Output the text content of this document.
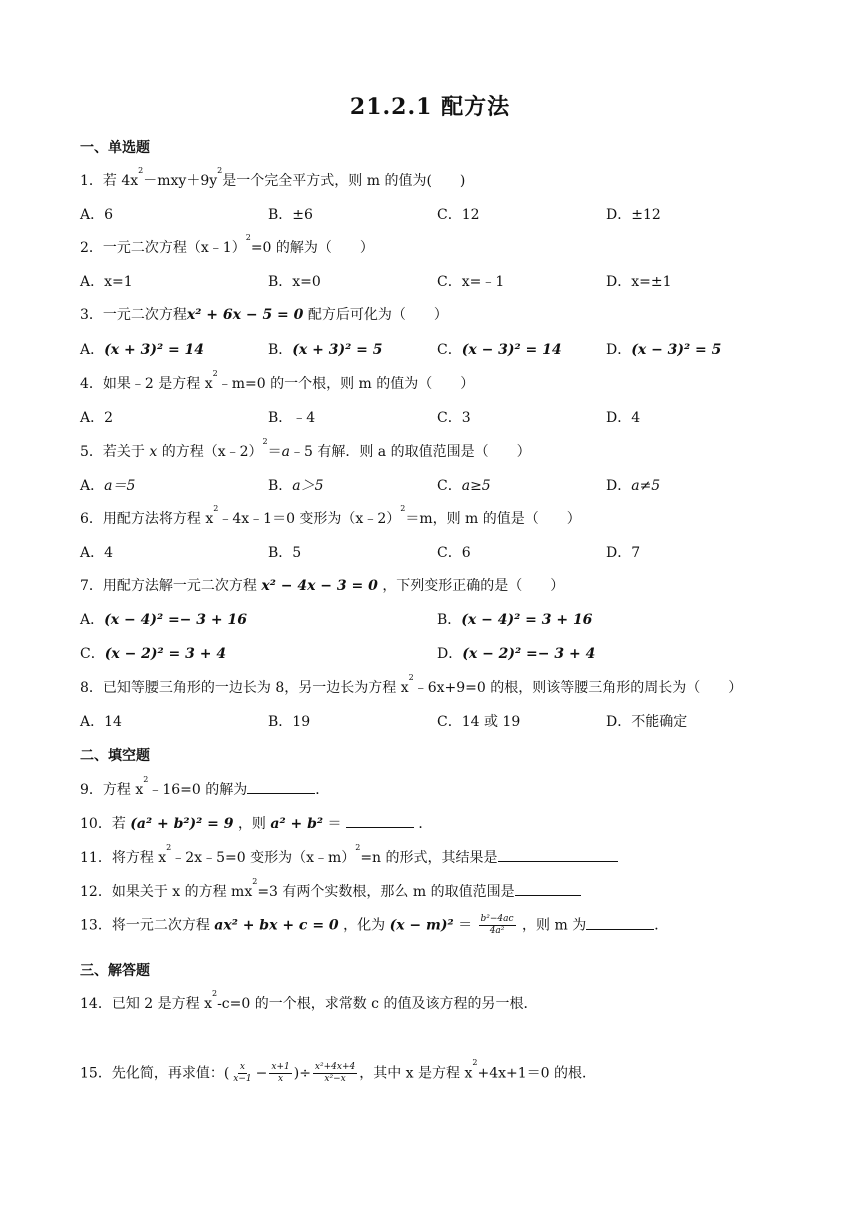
21.2.1 配方法
一、单选题
1．若 $4x^2-mxy+9y^2$是一个完全平方式，则 m 的值为(　　)
A．6	B．±6	C．12	D．±12
2．一元二次方程（x﹣1）$^2$=0 的解为（　　）
A．x=1	B．x=0	C．x=﹣1	D．x=±1
3．一元二次方程x² + 6x − 5 = 0 配方后可化为（　　）
A．(x + 3)² = 14	B．(x + 3)² = 5	C．(x − 3)² = 14	D．(x − 3)² = 5
4．如果﹣2 是方程 $x^2﹣m=0$ 的一个根，则 m 的值为（　　）
A．2	B．﹣4	C．3	D．4
5．若关于 x 的方程（x﹣2）$^2$＝a﹣5 有解．则 a 的取值范围是（　　）
A．a＝5	B．a＞5	C．a≥5	D．a≠5
6．用配方法将方程 $x^2﹣4x﹣1=0$ 变形为（x﹣2）$^2$＝m，则 m 的值是（　　）
A．4	B．5	C．6	D．7
7．用配方法解一元二次方程 x² − 4x − 3 = 0 ，下列变形正确的是（　　）
A．(x − 4)² =− 3 + 16	B．(x − 4)² = 3 + 16
C．(x − 2)² = 3 + 4	D．(x − 2)² =− 3 + 4
8．已知等腰三角形的一边长为 8，另一边长为方程 $x^2﹣6x+9=0$ 的根，则该等腰三角形的周长为（　　）
A．14	B．19	C．14 或 19	D．不能确定
二、填空题
9．方程 $x^2﹣16=0$ 的解为	．
10．若 (a² + b²)² = 9 ，则 a² + b² ＝	．
11．将方程 $x^2﹣2x﹣5=0$ 变形为（x﹣m）$^2$=n 的形式，其结果是
12．如果关于 x 的方程 $mx^2=3$ 有两个实数根，那么 m 的取值范围是
13．将一元二次方程 ax² + bx + c = 0 ，化为 $(x - m)^2 = \frac{\text{b²−4ac}}{\text{4a²}}$ ，则 m 为	．
三、解答题
14．已知 2 是方程 $x^2-c=0$ 的一个根，求常数 c 的值及该方程的另一根．
15．先化简，再求值：( $\frac{x}{x-1} - \frac{x+1}{x}$ )÷ $\frac{\text{x²+4x+4}}{\text{x²−x}}$ ，其中 x 是方程 $x^2+4x+1=0$ 的根．
